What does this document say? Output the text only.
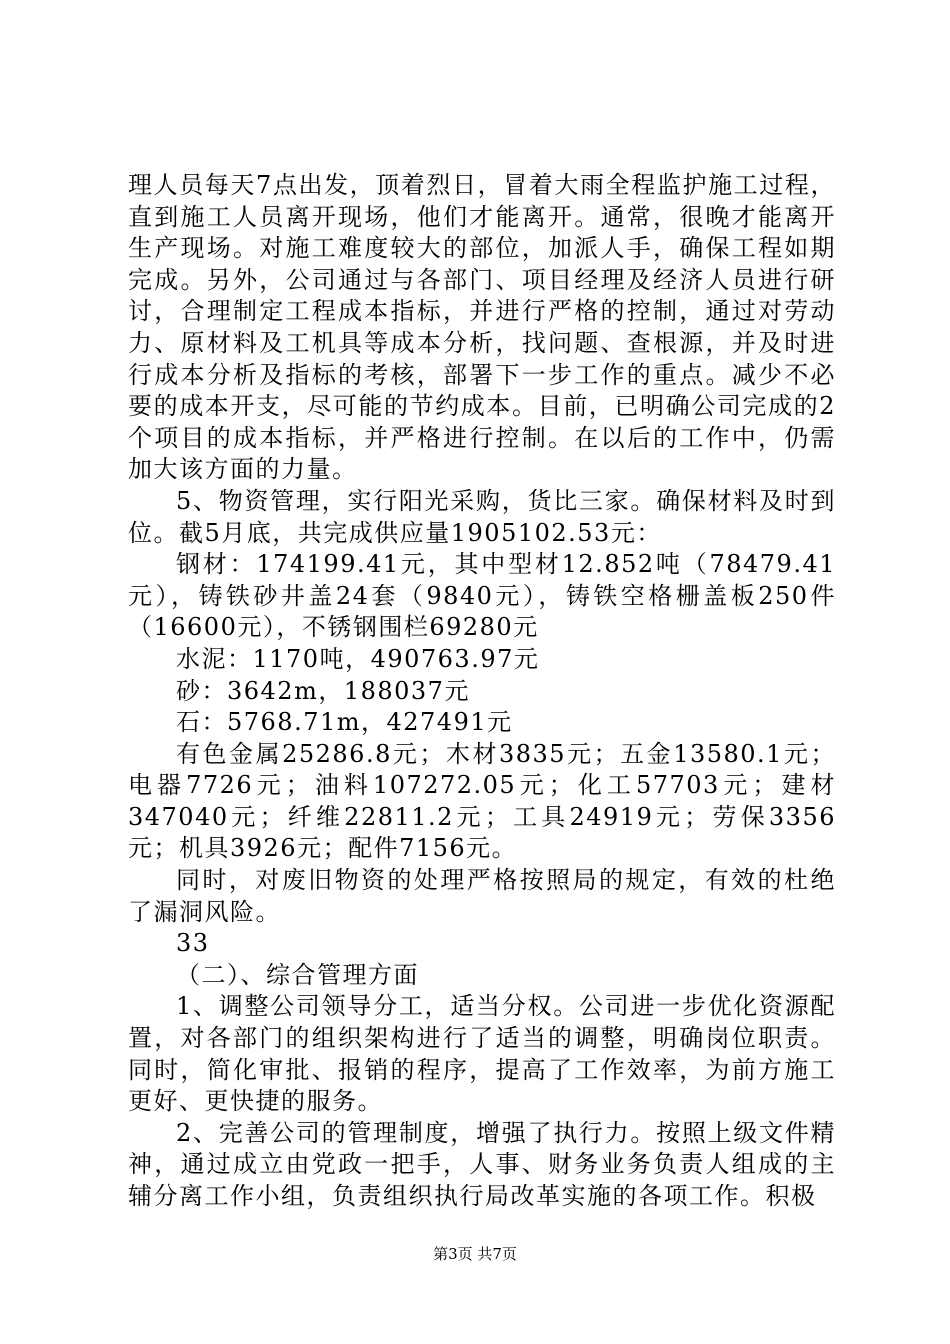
理人员每天7点出发，顶着烈日，冒着大雨全程监护施工过程，直到施工人员离开现场，他们才能离开。通常，很晚才能离开生产现场。对施工难度较大的部位，加派人手，确保工程如期完成。另外，公司通过与各部门、项目经理及经济人员进行研讨，合理制定工程成本指标，并进行严格的控制，通过对劳动力、原材料及工机具等成本分析，找问题、查根源，并及时进行成本分析及指标的考核，部署下一步工作的重点。减少不必要的成本开支，尽可能的节约成本。目前，已明确公司完成的2个项目的成本指标，并严格进行控制。在以后的工作中，仍需加大该方面的力量。

5、物资管理，实行阳光采购，货比三家。确保材料及时到位。截5月底，共完成供应量1905102.53元：

钢材：174199.41元，其中型材12.852吨（78479.41元），铸铁砂井盖24套（9840元），铸铁空格栅盖板250件（16600元），不锈钢围栏69280元

水泥：1170吨，490763.97元

砂：3642m，188037元

石：5768.71m，427491元

有色金属25286.8元；木材3835元；五金13580.1元；电器7726元；油料107272.05元；化工57703元；建材347040元；纤维22811.2元；工具24919元；劳保3356元；机具3926元；配件7156元。

同时，对废旧物资的处理严格按照局的规定，有效的杜绝了漏洞风险。

33

（二）、综合管理方面

1、调整公司领导分工，适当分权。公司进一步优化资源配置，对各部门的组织架构进行了适当的调整，明确岗位职责。同时，简化审批、报销的程序，提高了工作效率，为前方施工更好、更快捷的服务。

2、完善公司的管理制度，增强了执行力。按照上级文件精神，通过成立由党政一把手，人事、财务业务负责人组成的主辅分离工作小组，负责组织执行局改革实施的各项工作。积极

第3页 共7页
